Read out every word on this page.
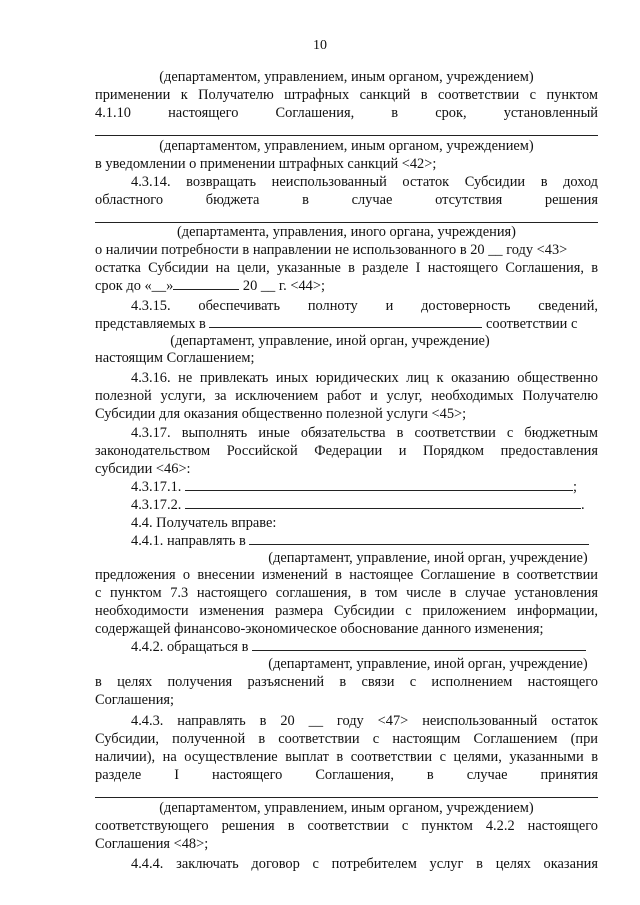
10
(департаментом, управлением, иным органом, учреждением)
применении к Получателю штрафных санкций в соответствии с пунктом
4.1.10 настоящего Соглашения, в срок, установленный
(департаментом, управлением, иным органом, учреждением)
в уведомлении о применении штрафных санкций <42>;
4.3.14. возвращать неиспользованный остаток Субсидии в доход
областного бюджета в случае отсутствия решения
(департамента, управления, иного органа, учреждения)
о наличии потребности в направлении не использованного в 20 __ году <43>
остатка Субсидии на цели, указанные в разделе I настоящего Соглашения, в
срок до «__»	20 __ г. <44>;
4.3.15. обеспечивать полноту и достоверность сведений,
представляемых в	соответствии с
(департамент, управление, иной орган, учреждение)
настоящим Соглашением;
4.3.16. не привлекать иных юридических лиц к оказанию общественно
полезной услуги, за исключением работ и услуг, необходимых Получателю
Субсидии для оказания общественно полезной услуги <45>;
4.3.17. выполнять иные обязательства в соответствии с бюджетным
законодательством Российской Федерации и Порядком предоставления
субсидии <46>:
4.3.17.1.	;
4.3.17.2.	.
4.4. Получатель вправе:
4.4.1. направлять в
(департамент, управление, иной орган, учреждение)
предложения о внесении изменений в настоящее Соглашение в соответствии
с пунктом 7.3 настоящего соглашения, в том числе в случае установления
необходимости изменения размера Субсидии с приложением информации,
содержащей финансово-экономическое обоснование данного изменения;
4.4.2. обращаться в
(департамент, управление, иной орган, учреждение)
в целях получения разъяснений в связи с исполнением настоящего
Соглашения;
4.4.3. направлять в 20 __ году <47> неиспользованный остаток
Субсидии, полученной в соответствии с настоящим Соглашением (при
наличии), на осуществление выплат в соответствии с целями, указанными в
разделе I настоящего Соглашения, в случае принятия
(департаментом, управлением, иным органом, учреждением)
соответствующего решения в соответствии с пунктом 4.2.2 настоящего
Соглашения <48>;
4.4.4. заключать договор с потребителем услуг в целях оказания
